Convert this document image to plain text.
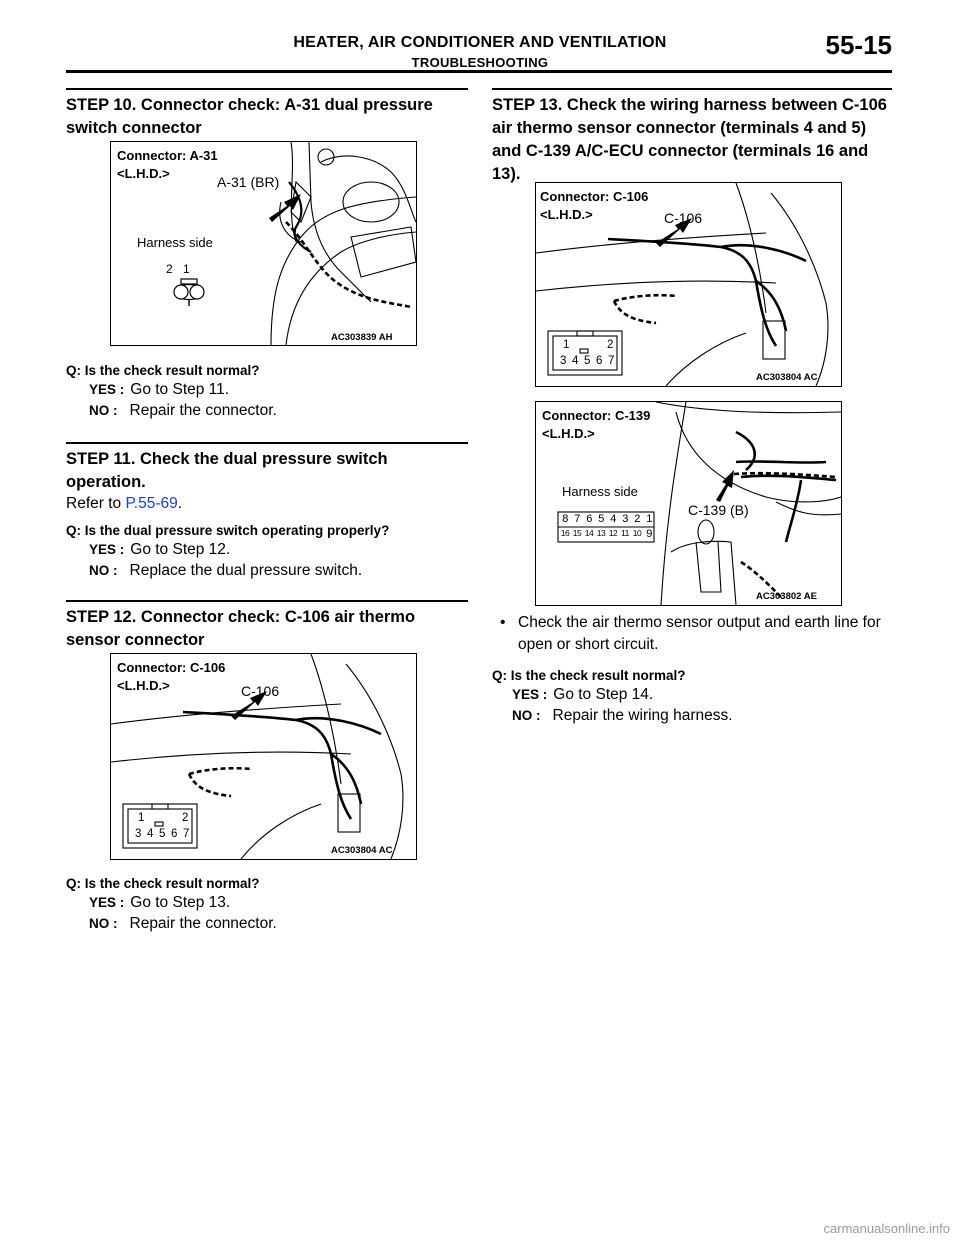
HEATER, AIR CONDITIONER AND VENTILATION
TROUBLESHOOTING
55-15
STEP 10. Connector check: A-31 dual pressure switch connector
Connector: A-31
<L.H.D.>
A-31 (BR)
Harness side
2 1
AC303839 AH
Q: Is the check result normal?
YES : Go to Step 11.
NO : Repair the connector.
STEP 11. Check the dual pressure switch operation.
Refer to P.55-69.
Q: Is the dual pressure switch operating properly?
YES : Go to Step 12.
NO : Replace the dual pressure switch.
STEP 12. Connector check: C-106 air thermo sensor connector
Connector: C-106
<L.H.D.>	C-106
1	2
3 4 5 6 7
AC303804 AC
Q: Is the check result normal?
YES : Go to Step 13.
NO : Repair the connector.
STEP 13. Check the wiring harness between C-106 air thermo sensor connector (terminals 4 and 5) and C-139 A/C-ECU connector (terminals 16 and 13).
Connector: C-106
<L.H.D.>	C-106
1	2
3 4 5 6 7
AC303804 AC
Connector: C-139
<L.H.D.>
Harness side
C-139 (B)
8 7 6 5 4 3 2 1
16 15 14 13 12 11 10 9
AC303802 AE
• Check the air thermo sensor output and earth line for open or short circuit.
Q: Is the check result normal?
YES : Go to Step 14.
NO : Repair the wiring harness.
carmanualsonline.info
